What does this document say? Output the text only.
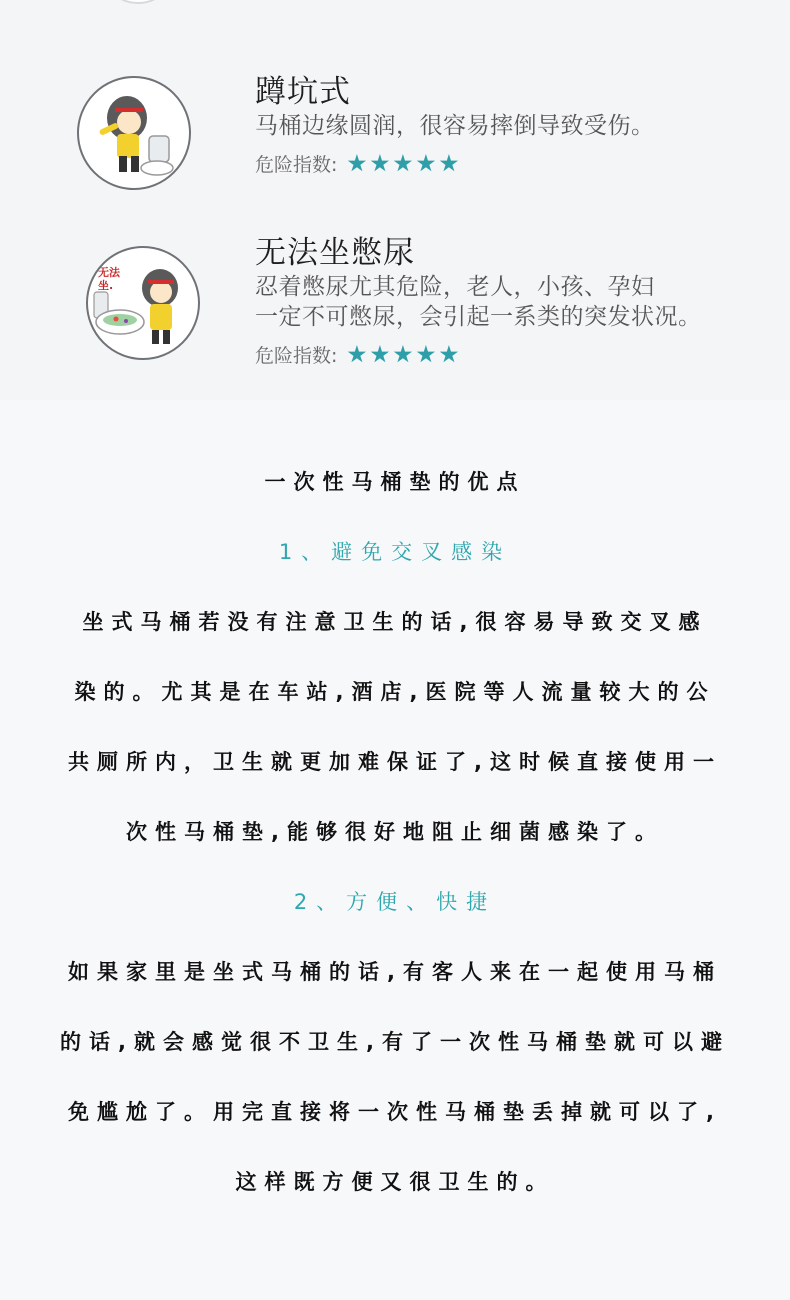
蹲坑式
马桶边缘圆润，很容易摔倒导致受伤。
危险指数:
无法坐.
无法坐憋尿
忍着憋尿尤其危险，老人，小孩、孕妇
一定不可憋尿，会引起一系类的突发状况。
危险指数:
一次性马桶垫的优点
1、避免交叉感染
坐式马桶若没有注意卫生的话,很容易导致交叉感
染的。尤其是在车站,酒店,医院等人流量较大的公
共厕所内，卫生就更加难保证了,这时候直接使用一
次性马桶垫,能够很好地阻止细菌感染了。
2、方便、快捷
如果家里是坐式马桶的话,有客人来在一起使用马桶
的话,就会感觉很不卫生,有了一次性马桶垫就可以避
免尴尬了。用完直接将一次性马桶垫丢掉就可以了,
这样既方便又很卫生的。
